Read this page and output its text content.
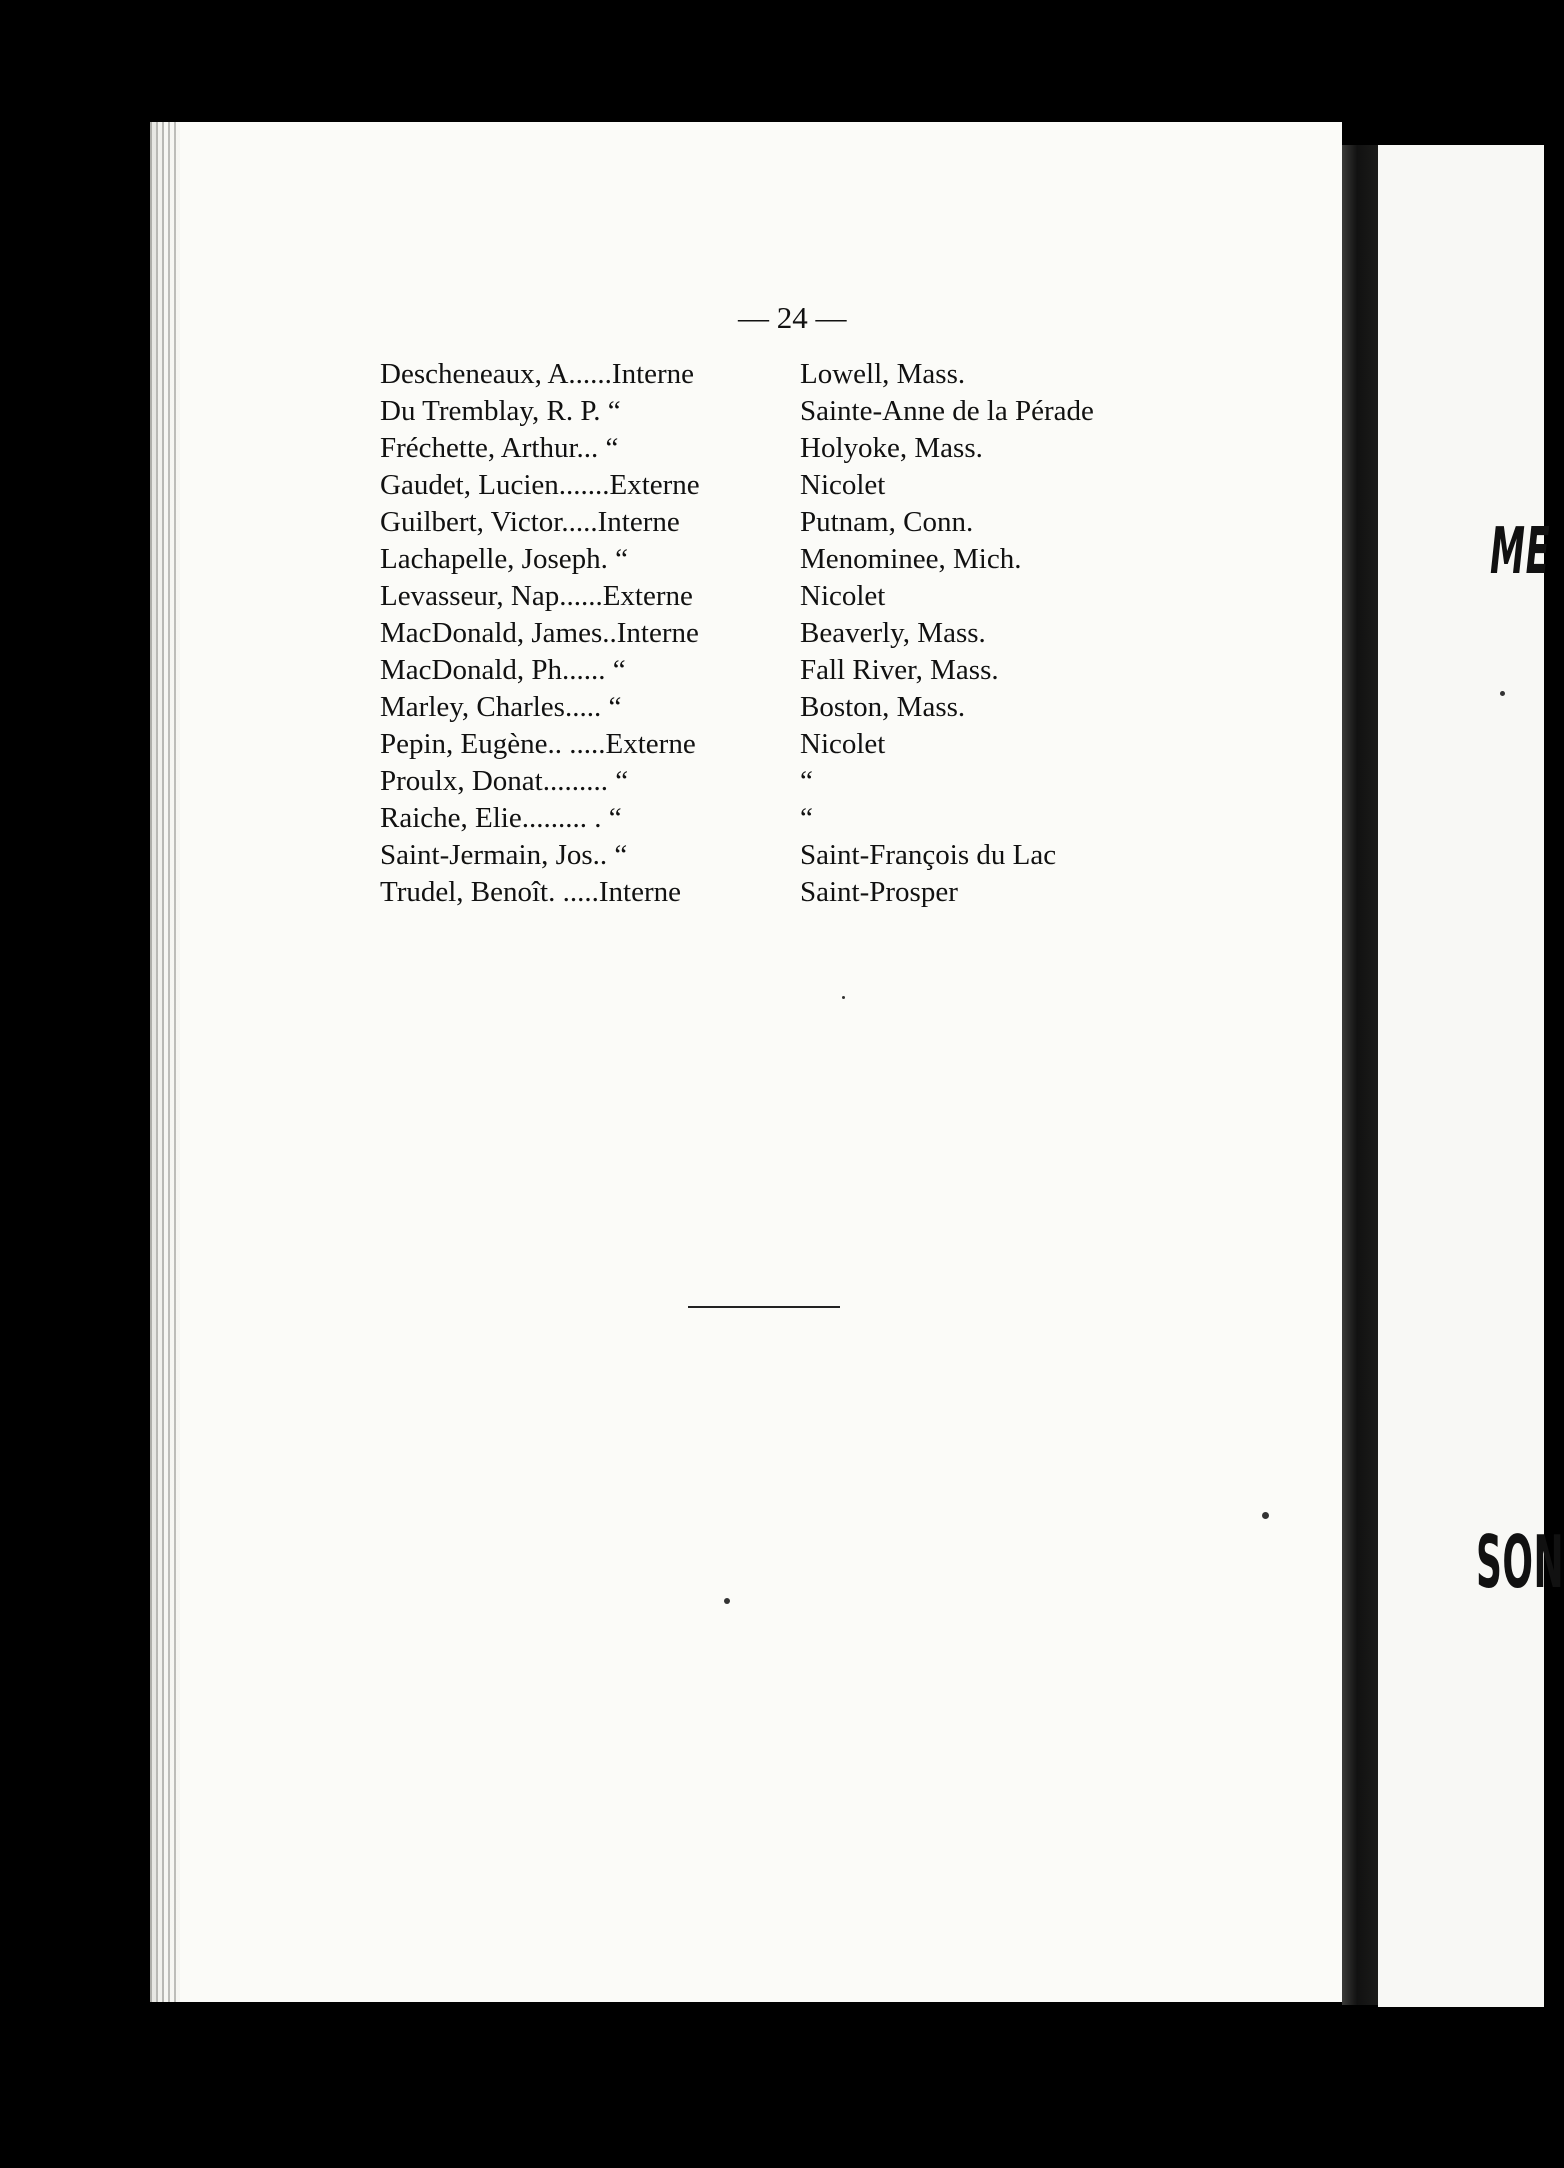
ME
SON
— 24 —
Descheneaux, A......Interne	Lowell, Mass.
Du Tremblay, R. P. “	Sainte-Anne de la Pérade
Fréchette, Arthur... “	Holyoke, Mass.
Gaudet, Lucien.......Externe	Nicolet
Guilbert, Victor.....Interne	Putnam, Conn.
Lachapelle, Joseph. “	Menominee, Mich.
Levasseur, Nap......Externe	Nicolet
MacDonald, James..Interne	Beaverly, Mass.
MacDonald, Ph...... “	Fall River, Mass.
Marley, Charles..... “	Boston, Mass.
Pepin, Eugène.. .....Externe	Nicolet
Proulx, Donat......... “	“
Raiche, Elie......... . “	“
Saint-Jermain, Jos.. “	Saint-François du Lac
Trudel, Benoît. .....Interne	Saint-Prosper
